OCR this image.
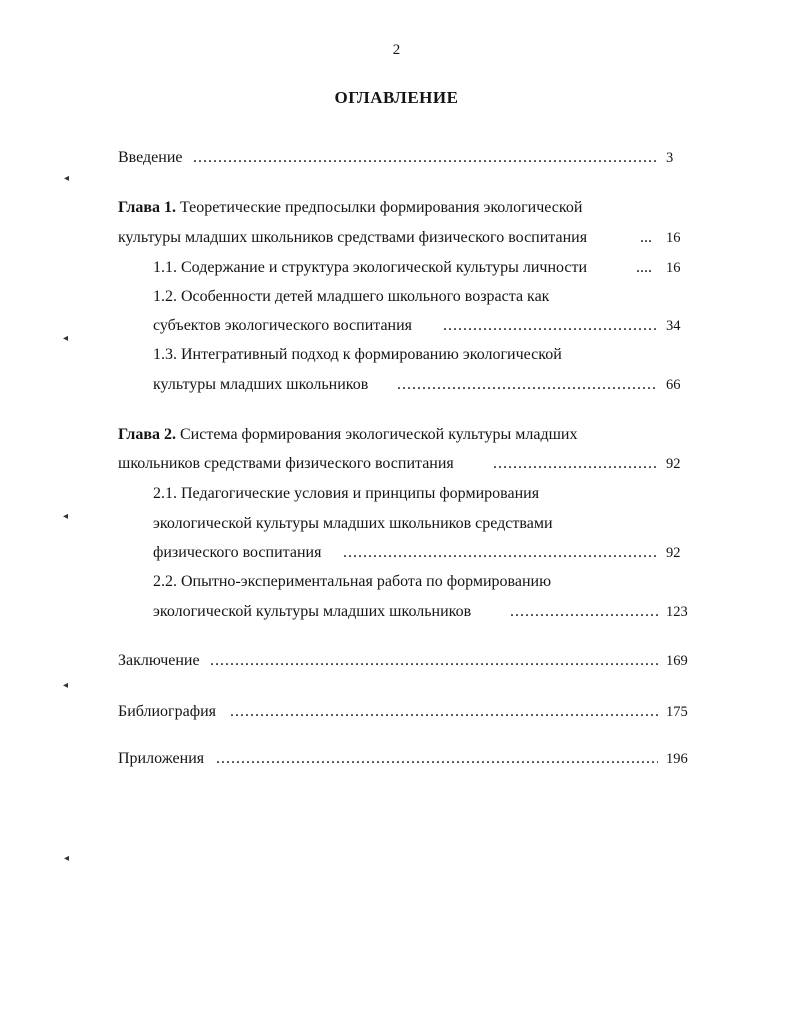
2
ОГЛАВЛЕНИЕ
Введение .....	3
Глава 1. Теоретические предпосылки формирования экологической
культуры младших школьников средствами физического воспитания	... 16
1.1. Содержание и структура экологической культуры личности	.... 16
1.2. Особенности детей младшего школьного возраста как
субъектов экологического воспитания .....	34
1.3. Интегративный подход к формированию экологической
культуры младших школьников .....	66
Глава 2. Система формирования экологической культуры младших
школьников средствами физического воспитания .....	92
2.1. Педагогические условия и принципы формирования
экологической культуры младших школьников средствами
физического воспитания .....	92
2.2. Опытно-экспериментальная работа по формированию
экологической культуры младших школьников .....	123
Заключение .....	169
Библиография .....	175
Приложения .....	196
◂
◂
◂
◂
◂
